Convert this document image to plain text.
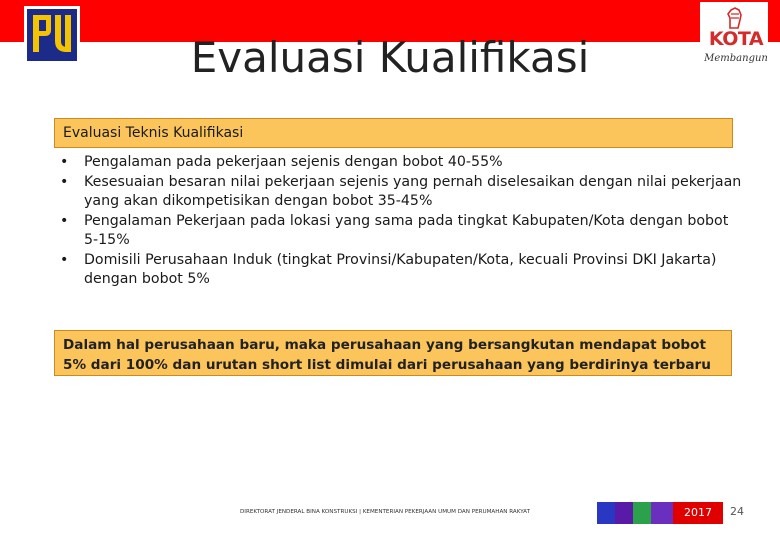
KOTA
Membangun
Evaluasi Kualifikasi
Evaluasi Teknis Kualifikasi
• Pengalaman pada pekerjaan sejenis dengan bobot 40-55%
• Kesesuaian besaran nilai pekerjaan sejenis yang pernah diselesaikan dengan nilai pekerjaan yang akan dikompetisikan dengan bobot 35-45%
• Pengalaman Pekerjaan pada lokasi yang sama pada tingkat Kabupaten/Kota dengan bobot 5-15%
• Domisili Perusahaan Induk (tingkat Provinsi/Kabupaten/Kota, kecuali Provinsi DKI Jakarta) dengan bobot 5%
Dalam hal perusahaan baru, maka perusahaan yang bersangkutan mendapat bobot 5% dari 100% dan urutan short list dimulai dari perusahaan yang berdirinya terbaru
DIREKTORAT JENDERAL BINA KONSTRUKSI | KEMENTERIAN PEKERJAAN UMUM DAN PERUMAHAN RAKYAT	2017	24
